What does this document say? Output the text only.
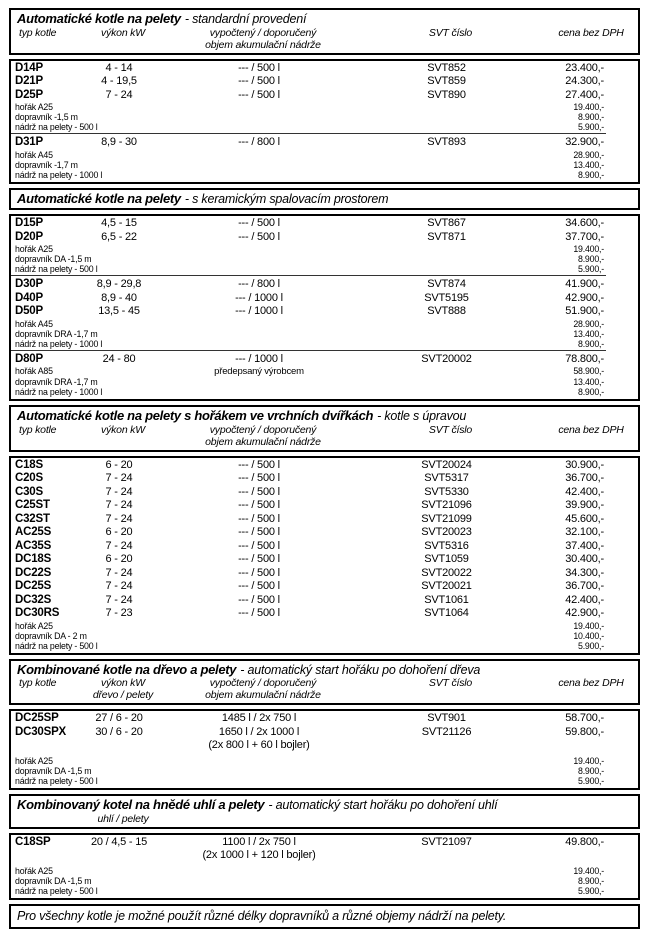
Automatické kotle na pelety - standardní provedení
typ kotle	výkon kW	vypočtený / doporučený	SVT číslo	cena bez DPH
objem akumulační nádrže
D14P	4 - 14	--- / 500 l	SVT852	23.400,-
D21P	4 - 19,5	--- / 500 l	SVT859	24.300,-
D25P	7 - 24	--- / 500 l	SVT890	27.400,-
hořák A25	19.400,-
dopravník -1,5 m	8.900,-
nádrž na pelety - 500 l	5.900,-
D31P	8,9 - 30	--- / 800 l	SVT893	32.900,-
hořák A45	28.900,-
dopravník -1,7 m	13.400,-
nádrž na pelety - 1000 l	8.900,-
Automatické kotle na pelety - s keramickým spalovacím prostorem
D15P	4,5 - 15	--- / 500 l	SVT867	34.600,-
D20P	6,5 - 22	--- / 500 l	SVT871	37.700,-
hořák A25	19.400,-
dopravník DA -1,5 m	8.900,-
nádrž na pelety - 500 l	5.900,-
D30P	8,9 - 29,8	--- / 800 l	SVT874	41.900,-
D40P	8,9 - 40	--- / 1000 l	SVT5195	42.900,-
D50P	13,5 - 45	--- / 1000 l	SVT888	51.900,-
hořák A45	28.900,-
dopravník DRA -1,7 m	13.400,-
nádrž na pelety - 1000 l	8.900,-
D80P	24 - 80	--- / 1000 l	SVT20002	78.800,-
hořák A85	předepsaný výrobcem	58.900,-
dopravník DRA -1,7 m	13.400,-
nádrž na pelety - 1000 l	8.900,-
Automatické kotle na pelety s hořákem ve vrchních dvířkách - kotle s úpravou
typ kotle	výkon kW	vypočtený / doporučený	SVT číslo	cena bez DPH
objem akumulační nádrže
C18S	6 - 20	--- / 500 l	SVT20024	30.900,-
C20S	7 - 24	--- / 500 l	SVT5317	36.700,-
C30S	7 - 24	--- / 500 l	SVT5330	42.400,-
C25ST	7 - 24	--- / 500 l	SVT21096	39.900,-
C32ST	7 - 24	--- / 500 l	SVT21099	45.600,-
AC25S	6 - 20	--- / 500 l	SVT20023	32.100,-
AC35S	7 - 24	--- / 500 l	SVT5316	37.400,-
DC18S	6 - 20	--- / 500 l	SVT1059	30.400,-
DC22S	7 - 24	--- / 500 l	SVT20022	34.300,-
DC25S	7 - 24	--- / 500 l	SVT20021	36.700,-
DC32S	7 - 24	--- / 500 l	SVT1061	42.400,-
DC30RS	7 - 23	--- / 500 l	SVT1064	42.900,-
hořák A25	19.400,-
dopravník DA - 2 m	10.400,-
nádrž na pelety - 500 l	5.900,-
Kombinované kotle na dřevo a pelety - automatický start hořáku po dohoření dřeva
typ kotle	výkon kW	vypočtený / doporučený	SVT číslo	cena bez DPH
dřevo / pelety	objem akumulační nádrže
DC25SP	27 / 6 - 20	1485 l / 2x 750 l	SVT901	58.700,-
DC30SPX	30 / 6 - 20	1650 l / 2x 1000 l	SVT21126	59.800,-
(2x 800 l + 60 l bojler)
hořák A25	19.400,-
dopravník DA -1,5 m	8.900,-
nádrž na pelety - 500 l	5.900,-
Kombinovaný kotel na hnědé uhlí a pelety - automatický start hořáku po dohoření uhlí
uhlí / pelety
C18SP	20 / 4,5 - 15	1100 l / 2x 750 l	SVT21097	49.800,-
(2x 1000 l + 120 l bojler)
hořák A25	19.400,-
dopravník DA -1,5 m	8.900,-
nádrž na pelety - 500 l	5.900,-
Pro všechny kotle je možné použít různé délky dopravníků a různé objemy nádrží na pelety.
